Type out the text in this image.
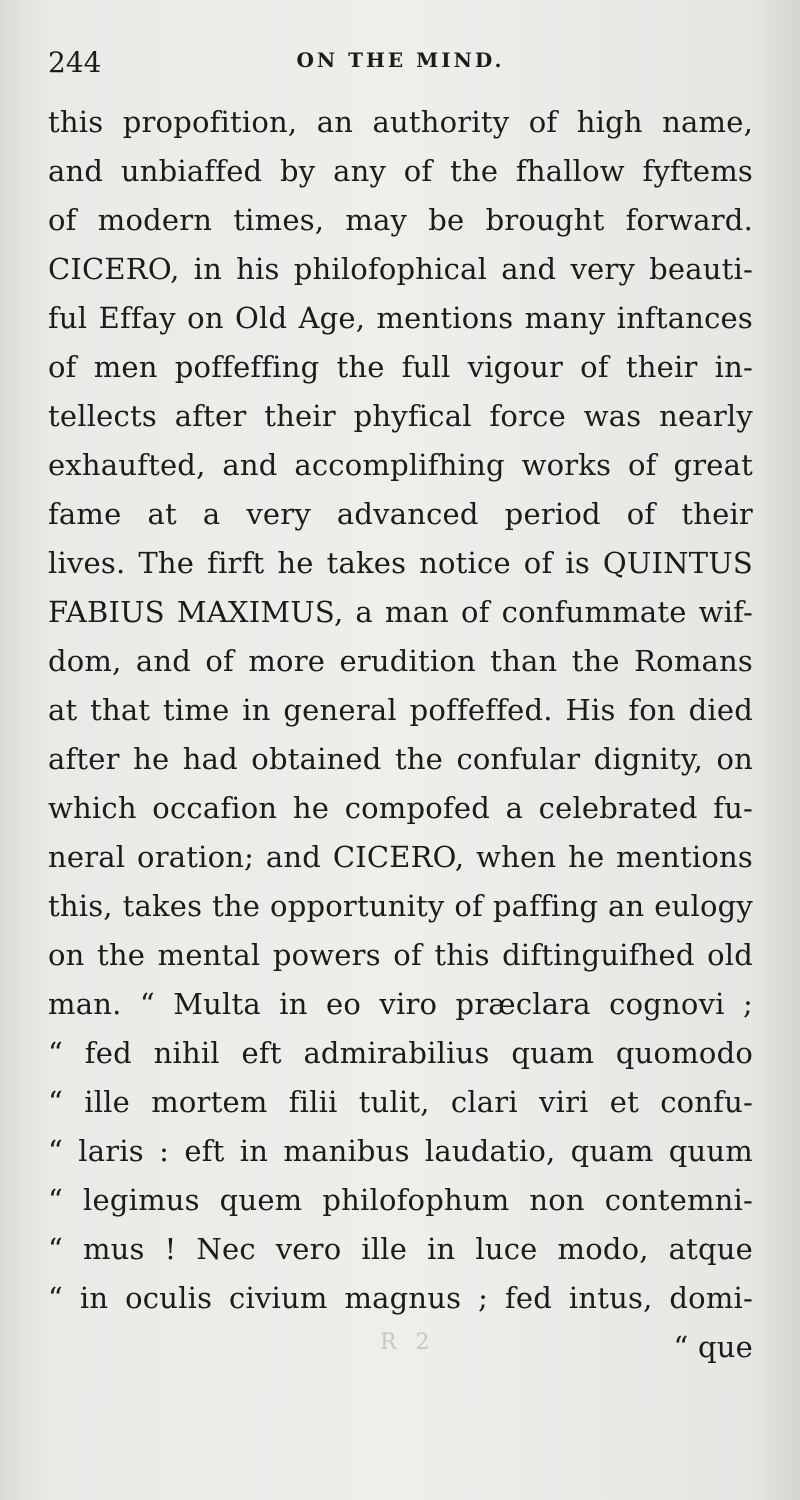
244	ON THE MIND.
this propofition, an authority of high name,
and unbiaffed by any of the fhallow fyftems
of modern times, may be brought forward.
CICERO, in his philofophical and very beauti-
ful Effay on Old Age, mentions many inftances
of men poffeffing the full vigour of their in-
tellects after their phyfical force was nearly
exhaufted, and accomplifhing works of great
fame at a very advanced period of their
lives. The firft he takes notice of is QUINTUS
FABIUS MAXIMUS, a man of confummate wif-
dom, and of more erudition than the Romans
at that time in general poffeffed. His fon died
after he had obtained the confular dignity, on
which occafion he compofed a celebrated fu-
neral oration; and CICERO, when he mentions
this, takes the opportunity of paffing an eulogy
on the mental powers of this diftinguifhed old
man. “ Multa in eo viro præclara cognovi ;
“ fed nihil eft admirabilius quam quomodo
“ ille mortem filii tulit, clari viri et confu-
“ laris : eft in manibus laudatio, quam quum
“ legimus quem philofophum non contemni-
“ mus ! Nec vero ille in luce modo, atque
“ in oculis civium magnus ; fed intus, domi-
“ que
R 2
